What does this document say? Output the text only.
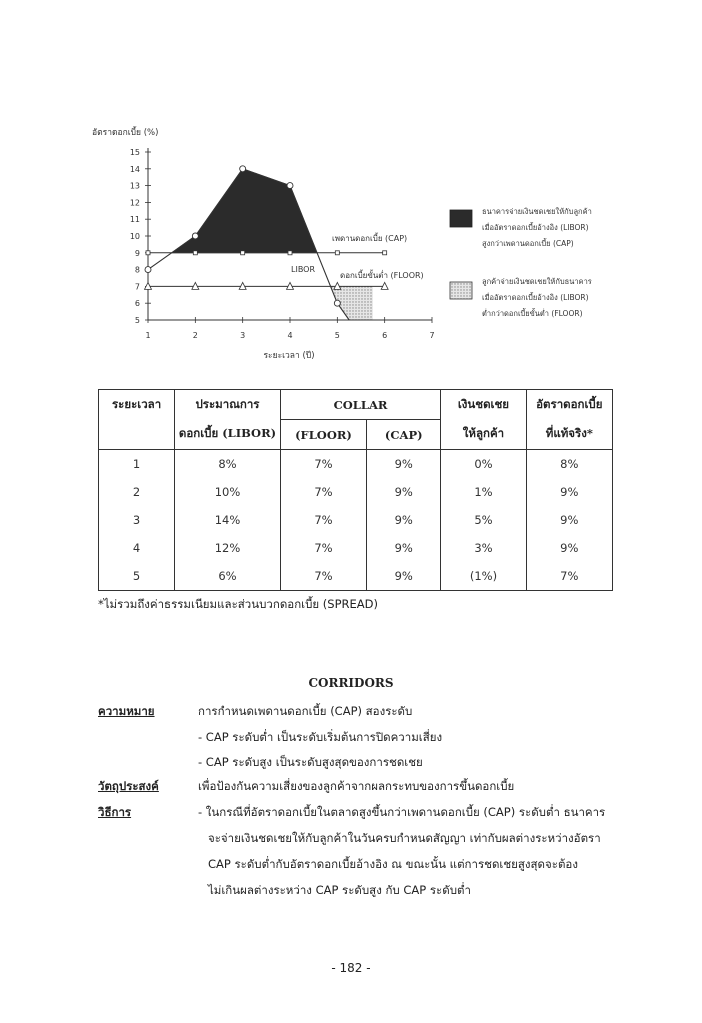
อัตราดอกเบี้ย (%)
5
6
7
8
9
10
11
12
13
14
15
1	2	3	4	5	6	7
ระยะเวลา (ปี)
เพดานดอกเบี้ย (CAP)
LIBOR
ดอกเบี้ยขั้นต่ำ (FLOOR)
ธนาคารจ่ายเงินชดเชยให้กับลูกค้า
เมื่ออัตราดอกเบี้ยอ้างอิง (LIBOR)
สูงกว่าเพดานดอกเบี้ย (CAP)
ลูกค้าจ่ายเงินชดเชยให้กับธนาคาร
เมื่ออัตราดอกเบี้ยอ้างอิง (LIBOR)
ต่ำกว่าดอกเบี้ยขั้นต่ำ (FLOOR)
ระยะเวลา	ประมาณการ	COLLAR		เงินชดเชย	อัตราดอกเบี้ย
	ดอกเบี้ย (LIBOR)	(FLOOR)	(CAP)	ให้ลูกค้า	ที่แท้จริง*
1	8%	7%	9%	0%	8%
2	10%	7%	9%	1%	9%
3	14%	7%	9%	5%	9%
4	12%	7%	9%	3%	9%
5	6%	7%	9%	(1%)	7%
*ไม่รวมถึงค่าธรรมเนียมและส่วนบวกดอกเบี้ย (SPREAD)
CORRIDORS
ความหมาย	การกำหนดเพดานดอกเบี้ย (CAP) สองระดับ
- CAP ระดับต่ำ เป็นระดับเริ่มต้นการปิดความเสี่ยง
- CAP ระดับสูง เป็นระดับสูงสุดของการชดเชย
วัตถุประสงค์	เพื่อป้องกันความเสี่ยงของลูกค้าจากผลกระทบของการขึ้นดอกเบี้ย
วิธีการ	- ในกรณีที่อัตราดอกเบี้ยในตลาดสูงขึ้นกว่าเพดานดอกเบี้ย (CAP) ระดับต่ำ ธนาคาร
จะจ่ายเงินชดเชยให้กับลูกค้าในวันครบกำหนดสัญญา เท่ากับผลต่างระหว่างอัตรา
CAP ระดับต่ำกับอัตราดอกเบี้ยอ้างอิง ณ ขณะนั้น แต่การชดเชยสูงสุดจะต้อง
ไม่เกินผลต่างระหว่าง CAP ระดับสูง กับ CAP ระดับต่ำ
- 182 -
